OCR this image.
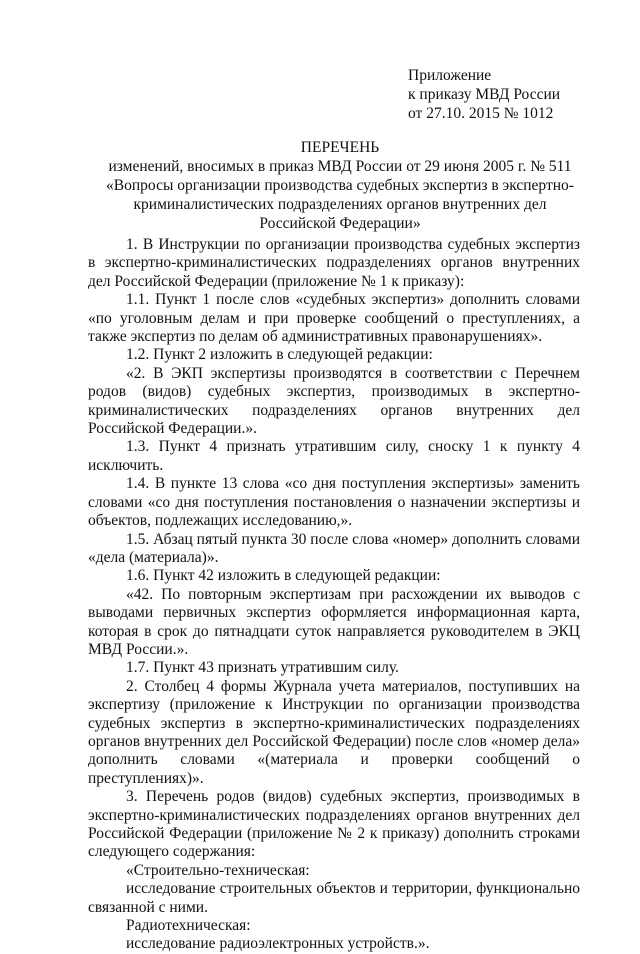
Приложение
к приказу МВД России
от 27.10. 2015 № 1012
ПЕРЕЧЕНЬ
изменений, вносимых в приказ МВД России от 29 июня 2005 г. № 511
«Вопросы организации производства судебных экспертиз в экспертно-
криминалистических подразделениях органов внутренних дел
Российской Федерации»

1. В Инструкции по организации производства судебных экспертиз в экспертно-криминалистических подразделениях органов внутренних дел Российской Федерации (приложение № 1 к приказу):

1.1. Пункт 1 после слов «судебных экспертиз» дополнить словами «по уголовным делам и при проверке сообщений о преступлениях, а также экспертиз по делам об административных правонарушениях».

1.2. Пункт 2 изложить в следующей редакции:

«2. В ЭКП экспертизы производятся в соответствии с Перечнем родов (видов) судебных экспертиз, производимых в экспертно-криминалистических подразделениях органов внутренних дел Российской Федерации.».

1.3. Пункт 4 признать утратившим силу, сноску 1 к пункту 4 исключить.

1.4. В пункте 13 слова «со дня поступления экспертизы» заменить словами «со дня поступления постановления о назначении экспертизы и объектов, подлежащих исследованию,».

1.5. Абзац пятый пункта 30 после слова «номер» дополнить словами «дела (материала)».

1.6. Пункт 42 изложить в следующей редакции:

«42. По повторным экспертизам при расхождении их выводов с выводами первичных экспертиз оформляется информационная карта, которая в срок до пятнадцати суток направляется руководителем в ЭКЦ МВД России.».

1.7. Пункт 43 признать утратившим силу.

2. Столбец 4 формы Журнала учета материалов, поступивших на экспертизу (приложение к Инструкции по организации производства судебных экспертиз в экспертно-криминалистических подразделениях органов внутренних дел Российской Федерации) после слов «номер дела» дополнить словами «(материала и проверки сообщений о преступлениях)».

3. Перечень родов (видов) судебных экспертиз, производимых в экспертно-криминалистических подразделениях органов внутренних дел Российской Федерации (приложение № 2 к приказу) дополнить строками следующего содержания:

«Строительно-техническая:

исследование строительных объектов и территории, функционально связанной с ними.

Радиотехническая:

исследование радиоэлектронных устройств.».
